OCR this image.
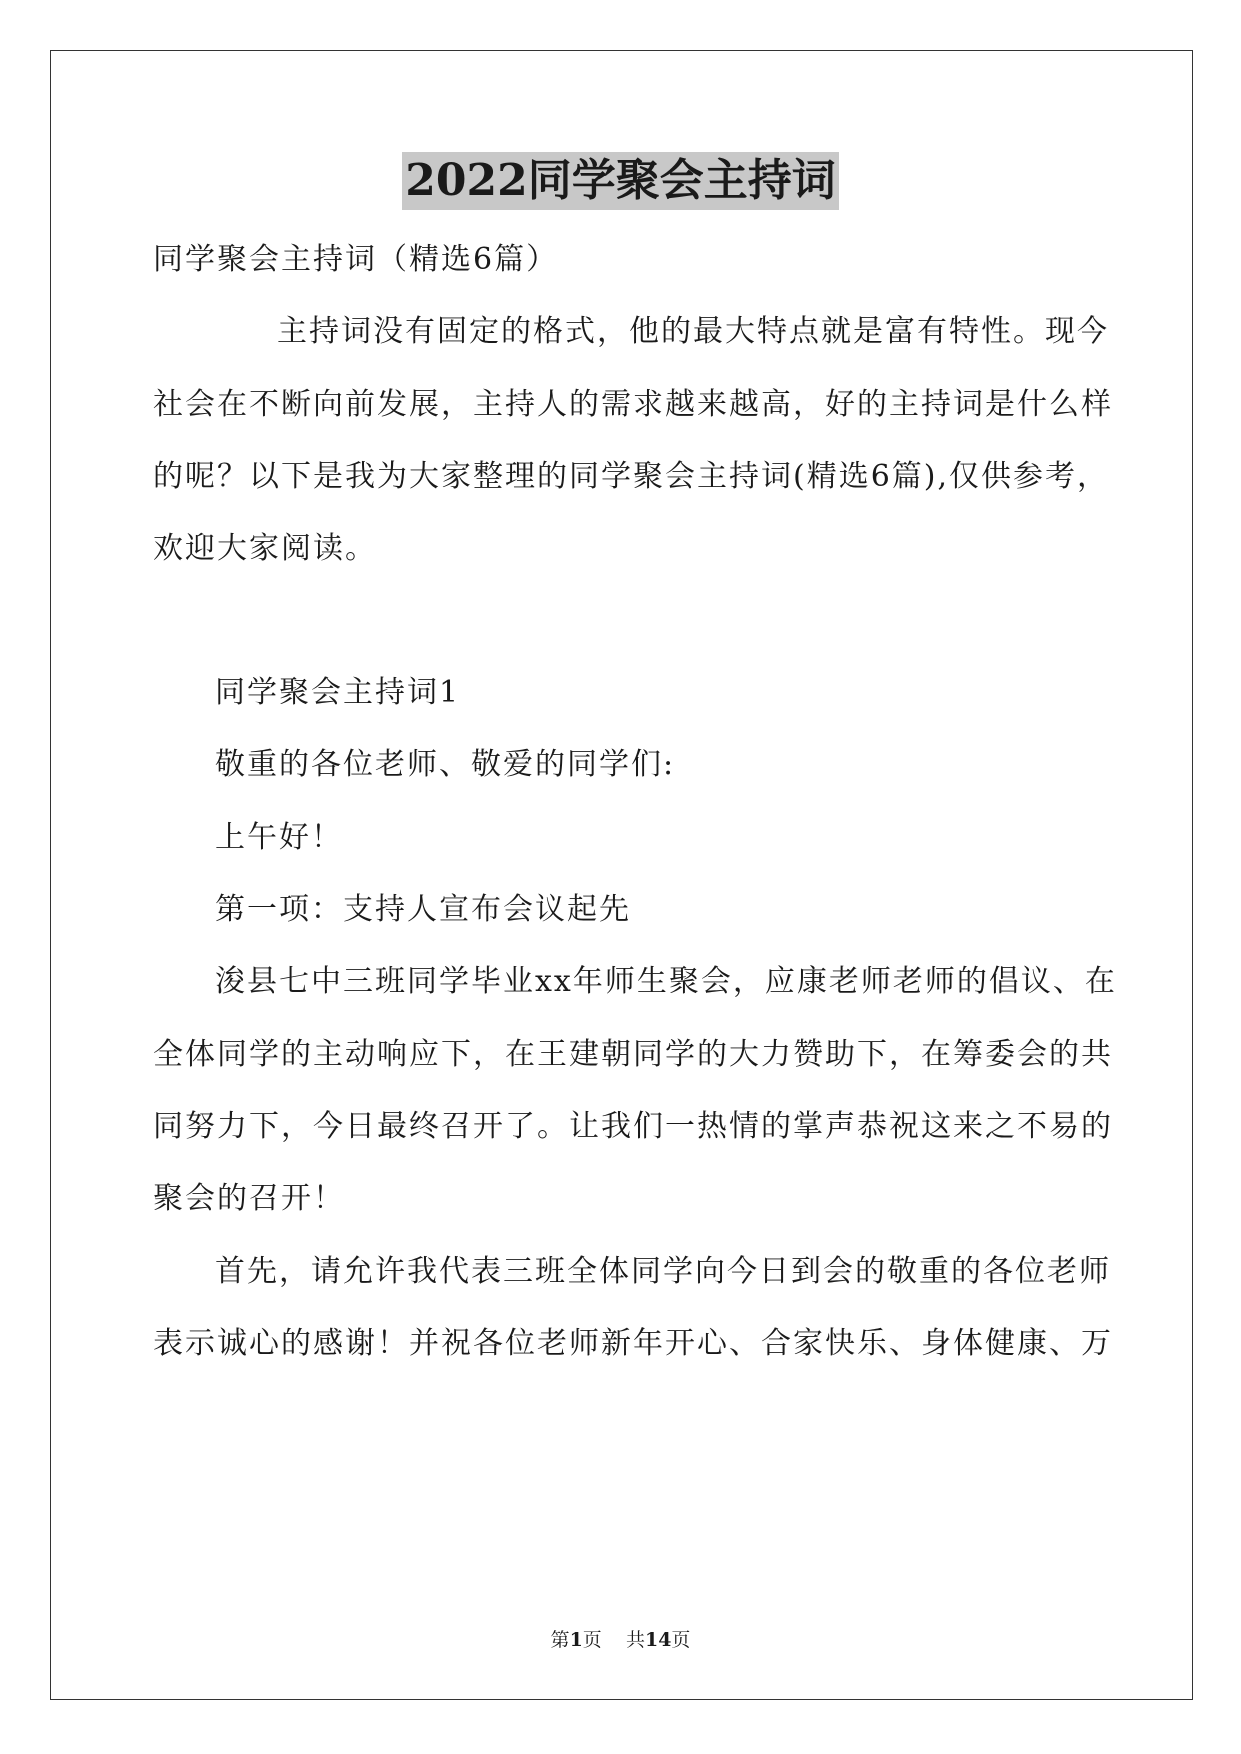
2022同学聚会主持词
同学聚会主持词（精选6篇）
主持词没有固定的格式，他的最大特点就是富有特性。现今
社会在不断向前发展，主持人的需求越来越高，好的主持词是什么样
的呢？以下是我为大家整理的同学聚会主持词(精选6篇),仅供参考，
欢迎大家阅读。
同学聚会主持词1
敬重的各位老师、敬爱的同学们:
上午好！
第一项：支持人宣布会议起先
浚县七中三班同学毕业xx年师生聚会，应康老师老师的倡议、在
全体同学的主动响应下，在王建朝同学的大力赞助下，在筹委会的共
同努力下，今日最终召开了。让我们一热情的掌声恭祝这来之不易的
聚会的召开！
首先，请允许我代表三班全体同学向今日到会的敬重的各位老师
表示诚心的感谢！并祝各位老师新年开心、合家快乐、身体健康、万
第1页    共14页
